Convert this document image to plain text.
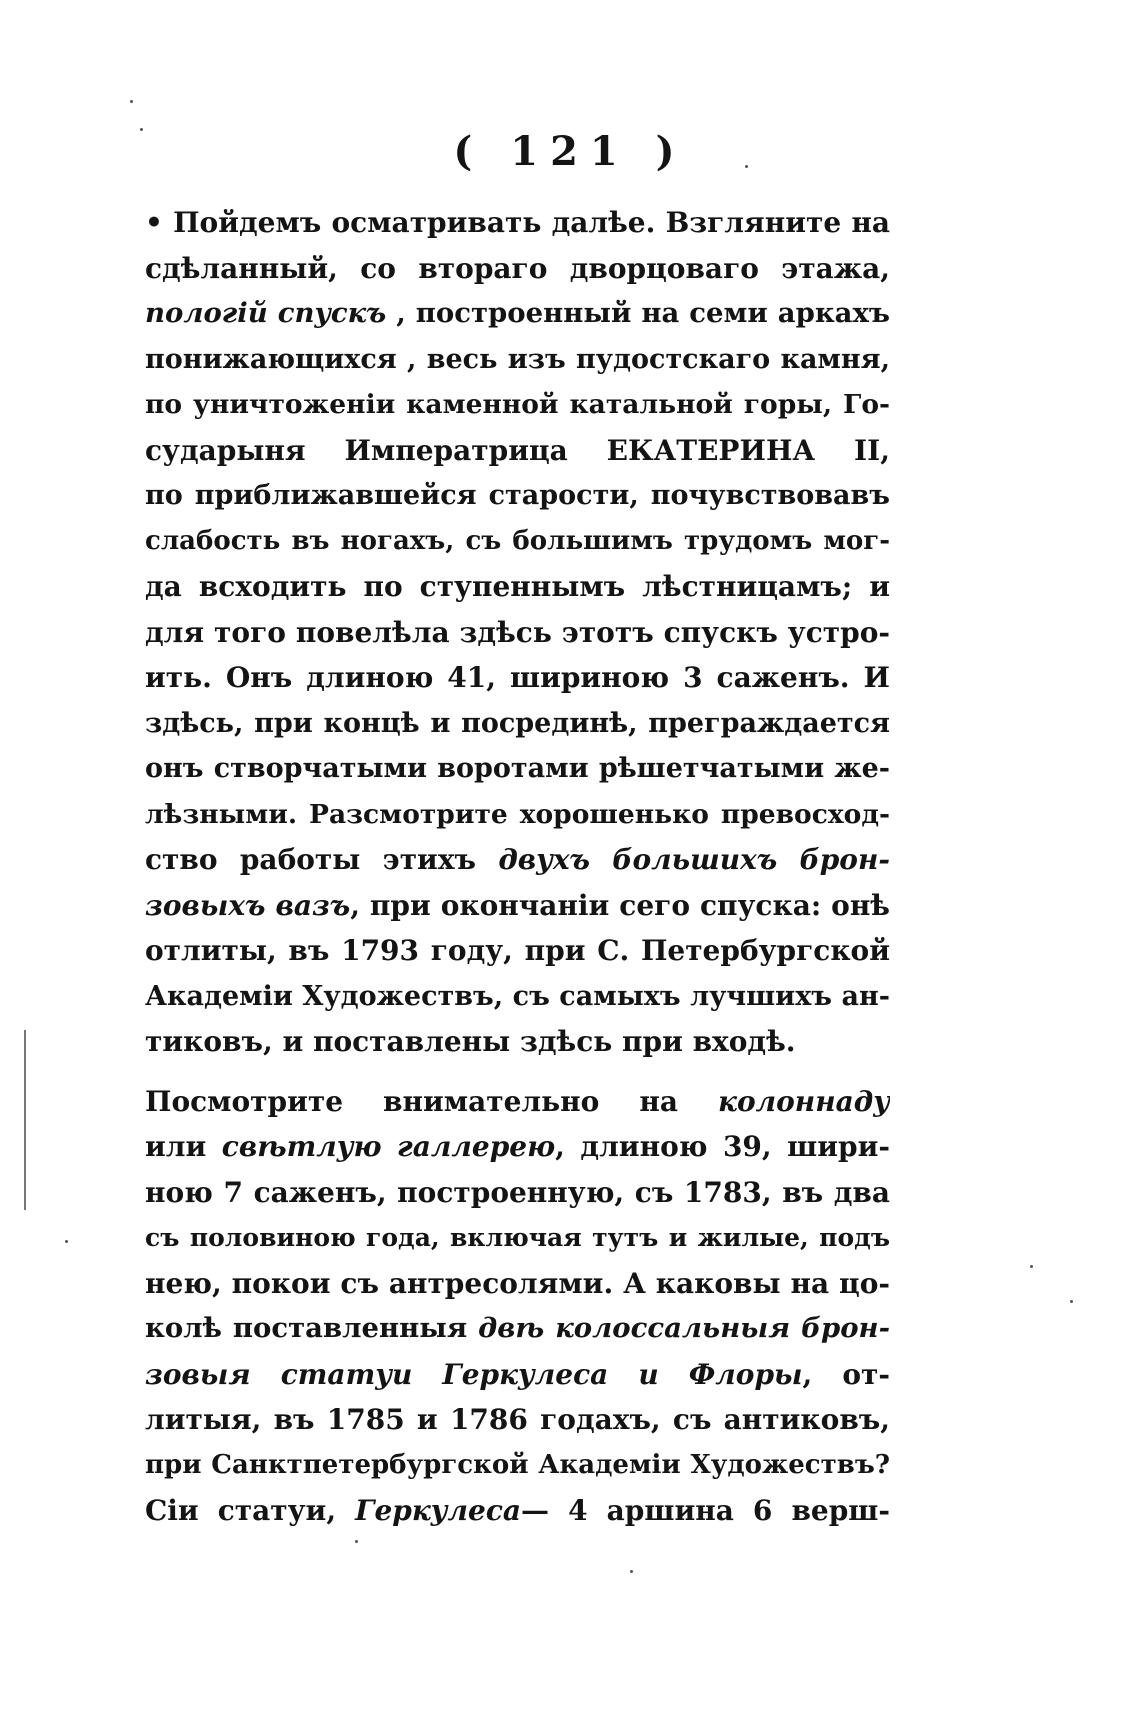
( 121 )
• Пойдемъ осматривать далѣе. Взглянитe на
сдѣланный, со втораго дворцоваго этажа,
пологій спускъ , построенный на семи аркахъ
понижающихся , весь изъ пудостскаго камня,
по уничтоженіи каменной катальной горы, Го-
сударыня Императрица ЕКАТЕРИНА II,
по приближавшейся старости, почувствовавъ
слабость въ ногахъ, съ большимъ трудомъ мог-
да всходить по ступеннымъ лѣстницамъ; и
для того повелѣла здѣсь этотъ спускъ устро-
ить. Онъ длиною 41, шириною 3 саженъ. И
здѣсь, при концѣ и посрединѣ, преграждается
онъ створчатыми воротами рѣшетчатыми же-
лѣзными. Разсмотрите хорошенько превосход-
ство работы этихъ двухъ большихъ брон-
зовыхъ вазъ, при окончаніи сего спуска: онѣ
отлиты, въ 1793 году, при С. Петербургской
Академіи Художествъ, съ самыхъ лучшихъ ан-
тиковъ, и поставлены здѣсь при входѣ.
Посмотрите внимательно на колоннаду
или свѣтлую галлерею, длиною 39, шири-
ною 7 саженъ, построенную, съ 1783, въ два
съ половиною года, включая тутъ и жилые, подъ
нею, покои съ антресолями. А каковы на цо-
колѣ поставленныя двѣ колоссальныя брон-
зовыя статуи Геркулеса и Флоры, от-
литыя, въ 1785 и 1786 годахъ, съ антиковъ,
при Санктпетербургской Академіи Художествъ?
Сіи статуи, Геркулеса— 4 аршина 6 верш-
